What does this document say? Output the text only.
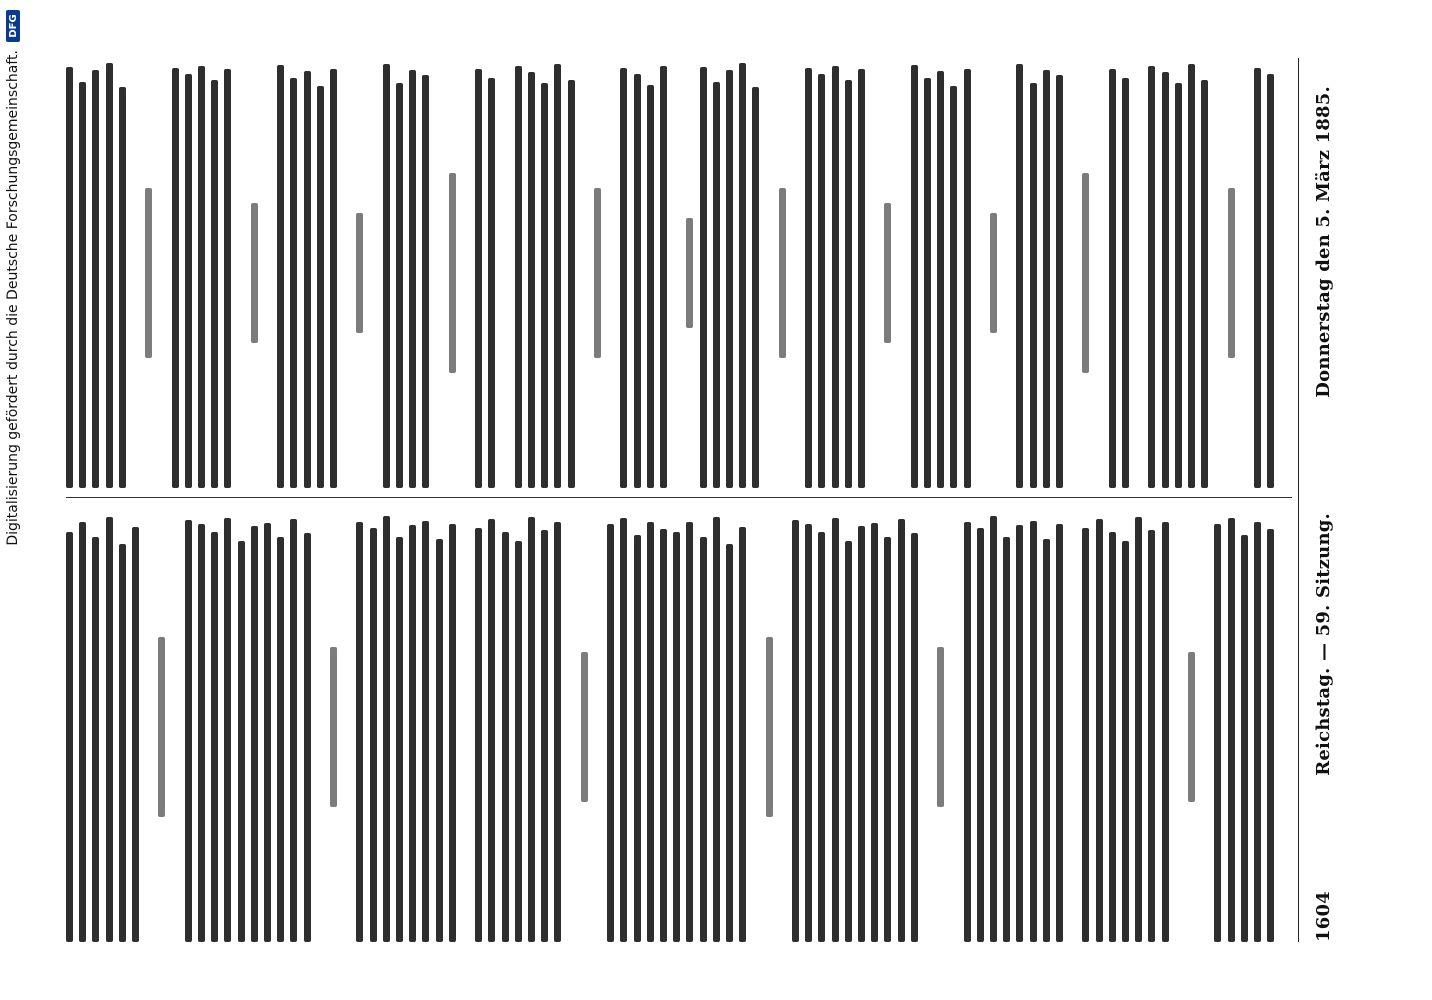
Digitalisierung gefördert durch die Deutsche Forschungsgemeinschaft.
DFG
1604
Reichstag. — 59. Sitzung.
Donnerstag den 5. März 1885.
